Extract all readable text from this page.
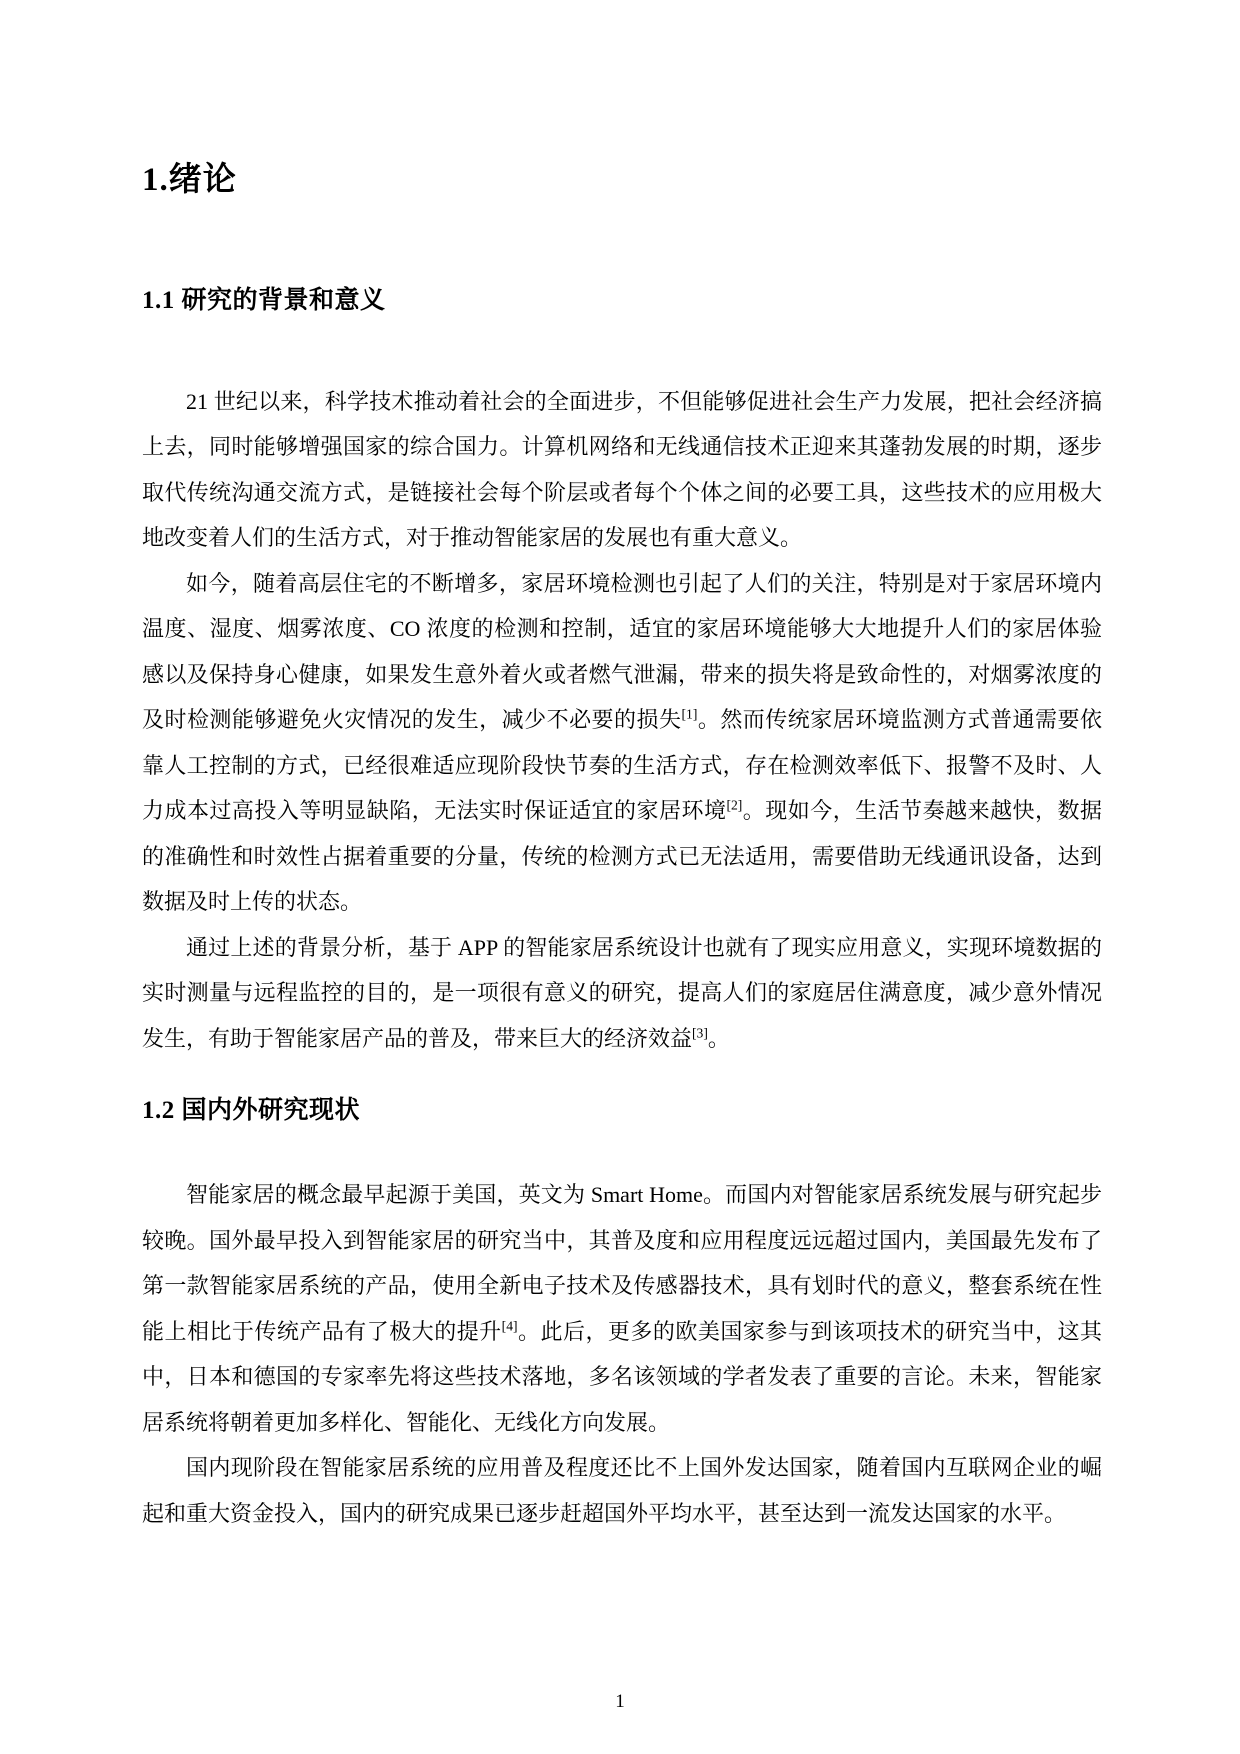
1.绪论
1.1 研究的背景和意义

21 世纪以来，科学技术推动着社会的全面进步，不但能够促进社会生产力发展，把社会经济搞上去，同时能够增强国家的综合国力。计算机网络和无线通信技术正迎来其蓬勃发展的时期，逐步取代传统沟通交流方式，是链接社会每个阶层或者每个个体之间的必要工具，这些技术的应用极大地改变着人们的生活方式，对于推动智能家居的发展也有重大意义。

如今，随着高层住宅的不断增多，家居环境检测也引起了人们的关注，特别是对于家居环境内温度、湿度、烟雾浓度、CO 浓度的检测和控制，适宜的家居环境能够大大地提升人们的家居体验感以及保持身心健康，如果发生意外着火或者燃气泄漏，带来的损失将是致命性的，对烟雾浓度的及时检测能够避免火灾情况的发生，减少不必要的损失[1]。然而传统家居环境监测方式普通需要依靠人工控制的方式，已经很难适应现阶段快节奏的生活方式，存在检测效率低下、报警不及时、人力成本过高投入等明显缺陷，无法实时保证适宜的家居环境[2]。现如今，生活节奏越来越快，数据的准确性和时效性占据着重要的分量，传统的检测方式已无法适用，需要借助无线通讯设备，达到数据及时上传的状态。

通过上述的背景分析，基于 APP 的智能家居系统设计也就有了现实应用意义，实现环境数据的实时测量与远程监控的目的，是一项很有意义的研究，提高人们的家庭居住满意度，减少意外情况发生，有助于智能家居产品的普及，带来巨大的经济效益[3]。

1.2 国内外研究现状

智能家居的概念最早起源于美国，英文为 Smart Home。而国内对智能家居系统发展与研究起步较晚。国外最早投入到智能家居的研究当中，其普及度和应用程度远远超过国内，美国最先发布了第一款智能家居系统的产品，使用全新电子技术及传感器技术，具有划时代的意义，整套系统在性能上相比于传统产品有了极大的提升[4]。此后，更多的欧美国家参与到该项技术的研究当中，这其中，日本和德国的专家率先将这些技术落地，多名该领域的学者发表了重要的言论。未来，智能家居系统将朝着更加多样化、智能化、无线化方向发展。

国内现阶段在智能家居系统的应用普及程度还比不上国外发达国家，随着国内互联网企业的崛起和重大资金投入，国内的研究成果已逐步赶超国外平均水平，甚至达到一流发达国家的水平。

1
